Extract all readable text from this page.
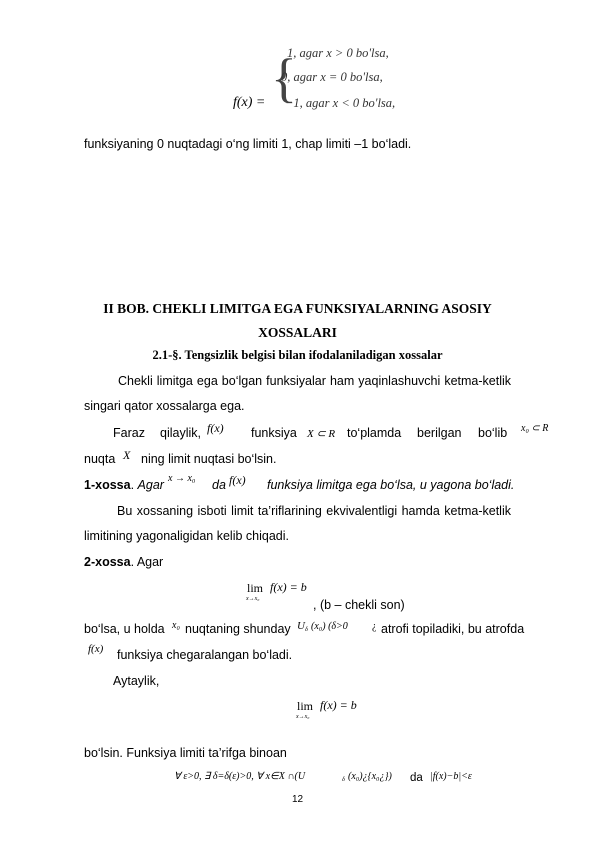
f(x) = {
1, agar x > 0 bo'lsa,
0, agar x = 0 bo'lsa,
−1, agar x < 0 bo'lsa,
funksiyaning 0 nuqtadagi o‘ng limiti 1, chap limiti –1 bo‘ladi.
II BOB. CHEKLI LIMITGA EGA FUNKSIYALARNING ASOSIY
XOSSALARI
2.1-§. Tengsizlik belgisi bilan ifodalaniladigan xossalar
Chekli limitga ega bo‘lgan funksiyalar ham yaqinlashuvchi ketma-ketlik
singari qator xossalarga ega.
Faraz qilaylik, f(x) funksiya X ⊂ R to‘plamda berilgan bo‘lib x₀ ⊂ R
nuqta X ning limit nuqtasi bo‘lsin.
1-xossa. Agar x → x₀ da f(x) funksiya limitga ega bo‘lsa, u yagona bo‘ladi.
Bu xossaning isboti limit ta’riflarining ekvivalentligi hamda ketma-ketlik
limitining yagonaligidan kelib chiqadi.
2-xossa. Agar
lim
x→x₀
f(x) = b
, (b – chekli son)
bo‘lsa, u holda x₀ nuqtaning shunday U δ (x₀) (δ>0 ¿ atrofi topiladiki, bu atrofda
f(x) funksiya chegaralangan bo‘ladi.
Aytaylik,
lim
x→x₀
f(x) = b
bo‘lsin. Funksiya limiti ta’rifga binoan
∀ ε>0, ∃ δ=δ(ε)>0, ∀ x∈X ∩(U	δ (x₀)¿{x₀¿}) da |f(x)−b|<ε
12
